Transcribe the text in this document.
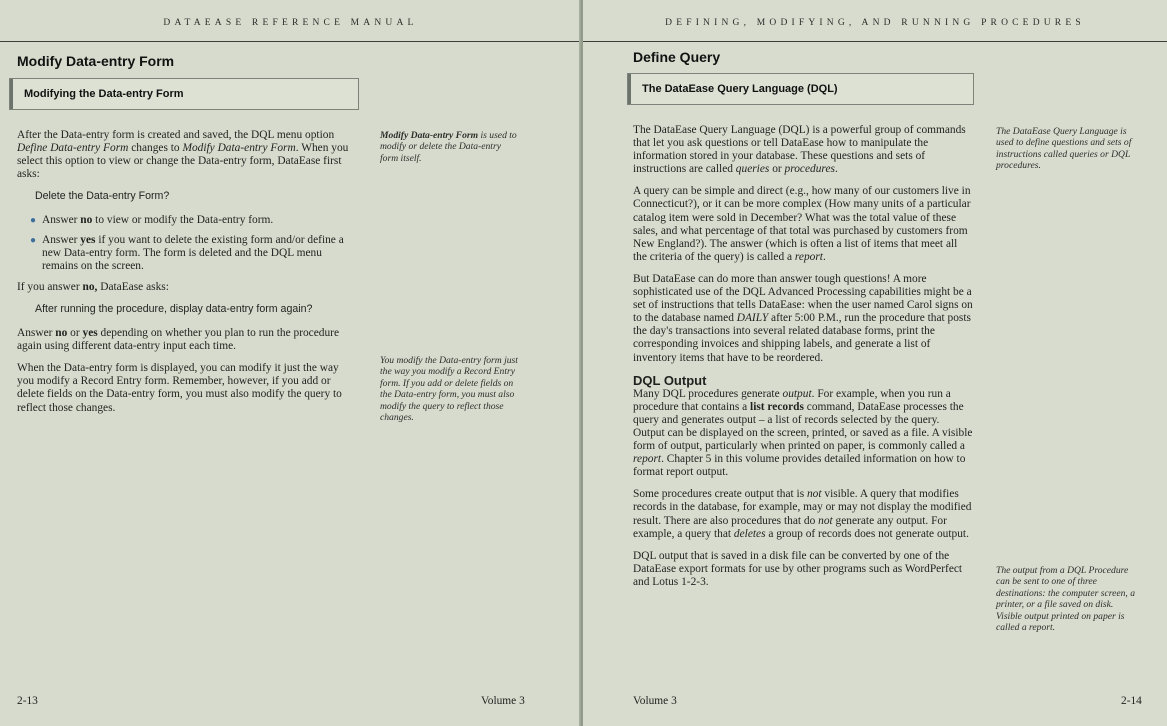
DATAEASE REFERENCE MANUAL
Modify Data-entry Form
Modifying the Data-entry Form

After the Data-entry form is created and saved, the DQL menu option Define Data-entry Form changes to Modify Data-entry Form. When you select this option to view or change the Data-entry form, DataEase first asks:

Delete the Data-entry Form?
● Answer no to view or modify the Data-entry form.
● Answer yes if you want to delete the existing form and/or define a new Data-entry form. The form is deleted and the DQL menu remains on the screen.

If you answer no, DataEase asks:

After running the procedure, display data-entry form again?

Answer no or yes depending on whether you plan to run the procedure again using different data-entry input each time.

When the Data-entry form is displayed, you can modify it just the way you modify a Record Entry form. Remember, however, if you add or delete fields on the Data-entry form, you must also modify the query to reflect those changes.

Modify Data-entry Form is used to modify or delete the Data-entry form itself.
You modify the Data-entry form just the way you modify a Record Entry form. If you add or delete fields on the Data-entry form, you must also modify the query to reflect those changes.
2-13	Volume 3
DEFINING, MODIFYING, AND RUNNING PROCEDURES
Define Query
The DataEase Query Language (DQL)

The DataEase Query Language (DQL) is a powerful group of commands that let you ask questions or tell DataEase how to manipulate the information stored in your database. These questions and sets of instructions are called queries or procedures.

A query can be simple and direct (e.g., how many of our customers live in Connecticut?), or it can be more complex (How many units of a particular catalog item were sold in December? What was the total value of these sales, and what percentage of that total was purchased by customers from New England?). The answer (which is often a list of items that meet all the criteria of the query) is called a report.

But DataEase can do more than answer tough questions! A more sophisticated use of the DQL Advanced Processing capabilities might be a set of instructions that tells DataEase: when the user named Carol signs on to the database named DAILY after 5:00 P.M., run the procedure that posts the day's transactions into several related database forms, print the corresponding invoices and shipping labels, and generate a list of inventory items that have to be reordered.

DQL Output

Many DQL procedures generate output. For example, when you run a procedure that contains a list records command, DataEase processes the query and generates output – a list of records selected by the query. Output can be displayed on the screen, printed, or saved as a file. A visible form of output, particularly when printed on paper, is commonly called a report. Chapter 5 in this volume provides detailed information on how to format report output.

Some procedures create output that is not visible. A query that modifies records in the database, for example, may or may not display the modified result. There are also procedures that do not generate any output. For example, a query that deletes a group of records does not generate output.

DQL output that is saved in a disk file can be converted by one of the DataEase export formats for use by other programs such as WordPerfect and Lotus 1-2-3.

The DataEase Query Language is used to define questions and sets of instructions called queries or DQL procedures.
The output from a DQL Procedure can be sent to one of three destinations: the computer screen, a printer, or a file saved on disk. Visible output printed on paper is called a report.
Volume 3	2-14
